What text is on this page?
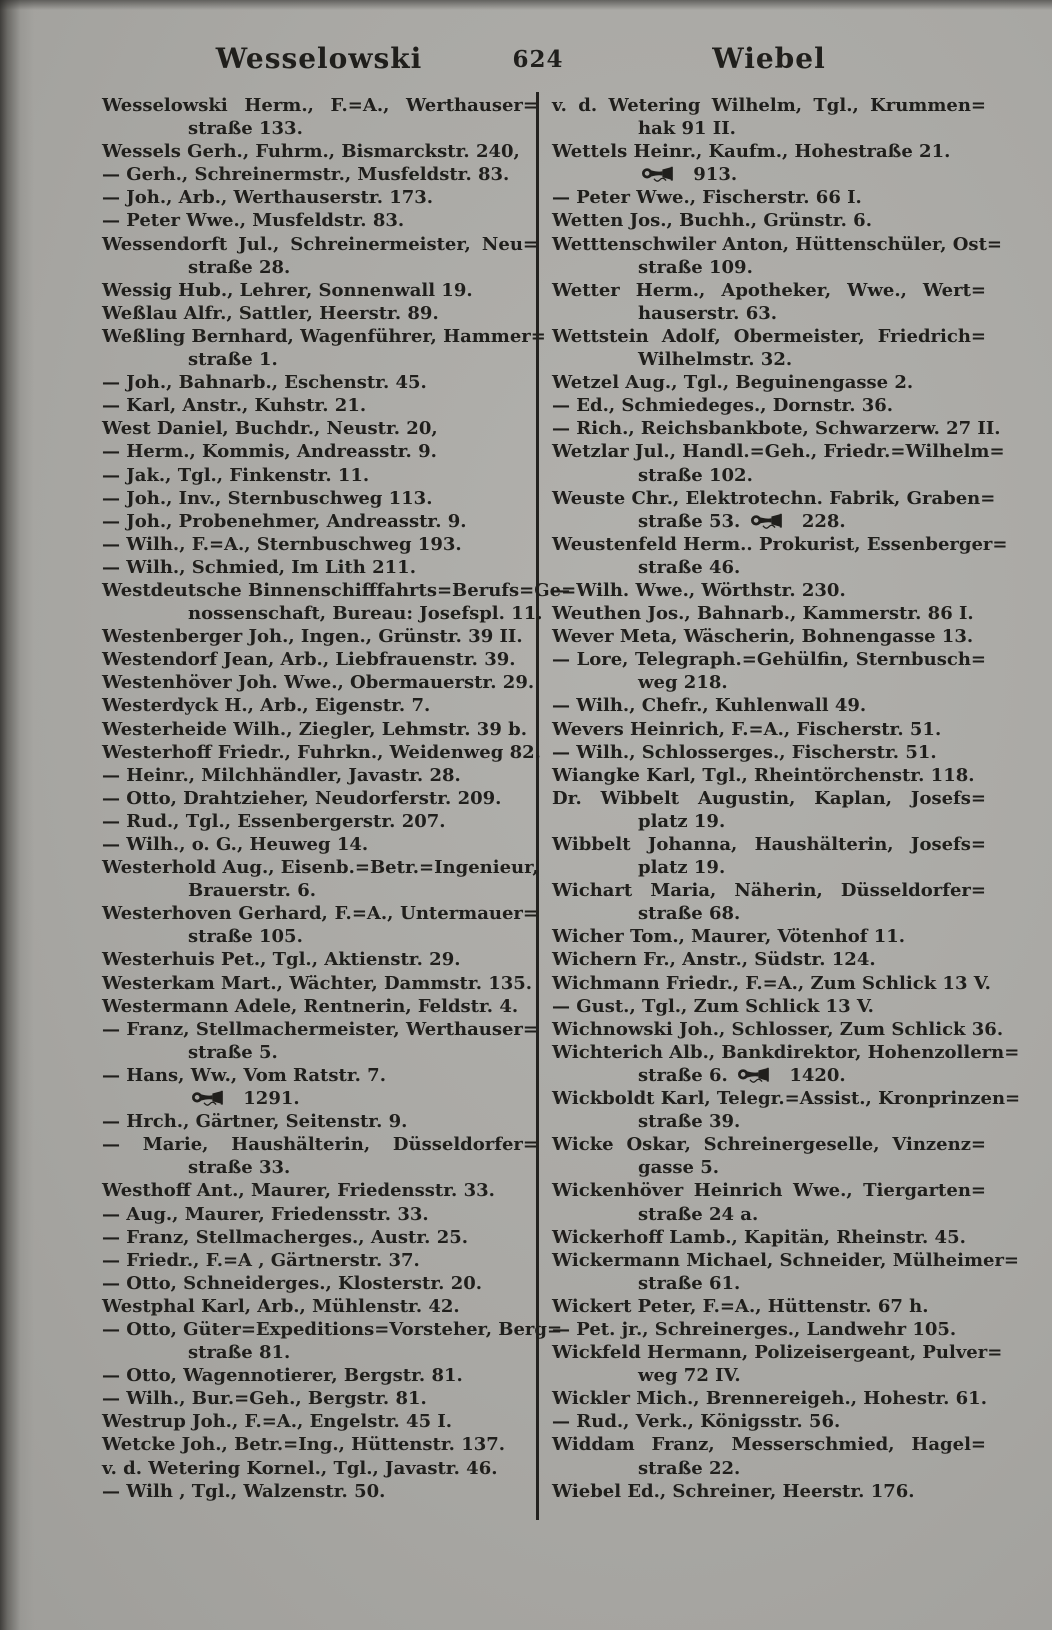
Wesselowski	624	Wiebel
Wesselowski Herm., F.=A., Werthauser=
straße 133.
Wessels Gerh., Fuhrm., Bismarckstr. 240,
— Gerh., Schreinermstr., Musfeldstr. 83.
— Joh., Arb., Werthauserstr. 173.
— Peter Wwe., Musfeldstr. 83.
Wessendorft Jul., Schreinermeister, Neu=
straße 28.
Wessig Hub., Lehrer, Sonnenwall 19.
Weßlau Alfr., Sattler, Heerstr. 89.
Weßling Bernhard, Wagenführer, Hammer=
straße 1.
— Joh., Bahnarb., Eschenstr. 45.
— Karl, Anstr., Kuhstr. 21.
West Daniel, Buchdr., Neustr. 20,
— Herm., Kommis, Andreasstr. 9.
— Jak., Tgl., Finkenstr. 11.
— Joh., Inv., Sternbuschweg 113.
— Joh., Probenehmer, Andreasstr. 9.
— Wilh., F.=A., Sternbuschweg 193.
— Wilh., Schmied, Im Lith 211.
Westdeutsche Binnenschifffahrts=Berufs=Ge=
nossenschaft, Bureau: Josefspl. 11.
Westenberger Joh., Ingen., Grünstr. 39 II.
Westendorf Jean, Arb., Liebfrauenstr. 39.
Westenhöver Joh. Wwe., Obermauerstr. 29.
Westerdyck H., Arb., Eigenstr. 7.
Westerheide Wilh., Ziegler, Lehmstr. 39 b.
Westerhoff Friedr., Fuhrkn., Weidenweg 82.
— Heinr., Milchhändler, Javastr. 28.
— Otto, Drahtzieher, Neudorferstr. 209.
— Rud., Tgl., Essenbergerstr. 207.
— Wilh., o. G., Heuweg 14.
Westerhold Aug., Eisenb.=Betr.=Ingenieur,
Brauerstr. 6.
Westerhoven Gerhard, F.=A., Untermauer=
straße 105.
Westerhuis Pet., Tgl., Aktienstr. 29.
Westerkam Mart., Wächter, Dammstr. 135.
Westermann Adele, Rentnerin, Feldstr. 4.
— Franz, Stellmachermeister, Werthauser=
straße 5.
— Hans, Ww., Vom Ratstr. 7.
1291.
— Hrch., Gärtner, Seitenstr. 9.
— Marie, Haushälterin, Düsseldorfer=
straße 33.
Westhoff Ant., Maurer, Friedensstr. 33.
— Aug., Maurer, Friedensstr. 33.
— Franz, Stellmacherges., Austr. 25.
— Friedr., F.=A , Gärtnerstr. 37.
— Otto, Schneiderges., Klosterstr. 20.
Westphal Karl, Arb., Mühlenstr. 42.
— Otto, Güter=Expeditions=Vorsteher, Berg=
straße 81.
— Otto, Wagennotierer, Bergstr. 81.
— Wilh., Bur.=Geh., Bergstr. 81.
Westrup Joh., F.=A., Engelstr. 45 I.
Wetcke Joh., Betr.=Ing., Hüttenstr. 137.
v. d. Wetering Kornel., Tgl., Javastr. 46.
— Wilh , Tgl., Walzenstr. 50.
v. d. Wetering Wilhelm, Tgl., Krummen=
hak 91 II.
Wettels Heinr., Kaufm., Hohestraße 21.
913.
— Peter Wwe., Fischerstr. 66 I.
Wetten Jos., Buchh., Grünstr. 6.
Wetttenschwiler Anton, Hüttenschüler, Ost=
straße 109.
Wetter Herm., Apotheker, Wwe., Wert=
hauserstr. 63.
Wettstein Adolf, Obermeister, Friedrich=
Wilhelmstr. 32.
Wetzel Aug., Tgl., Beguinengasse 2.
— Ed., Schmiedeges., Dornstr. 36.
— Rich., Reichsbankbote, Schwarzerw. 27 II.
Wetzlar Jul., Handl.=Geh., Friedr.=Wilhelm=
straße 102.
Weuste Chr., Elektrotechn. Fabrik, Graben=
straße 53.	228.
Weustenfeld Herm.. Prokurist, Essenberger=
straße 46.
— Wilh. Wwe., Wörthstr. 230.
Weuthen Jos., Bahnarb., Kammerstr. 86 I.
Wever Meta, Wäscherin, Bohnengasse 13.
— Lore, Telegraph.=Gehülfin, Sternbusch=
weg 218.
— Wilh., Chefr., Kuhlenwall 49.
Wevers Heinrich, F.=A., Fischerstr. 51.
— Wilh., Schlosserges., Fischerstr. 51.
Wiangke Karl, Tgl., Rheintörchenstr. 118.
Dr. Wibbelt Augustin, Kaplan, Josefs=
platz 19.
Wibbelt Johanna, Haushälterin, Josefs=
platz 19.
Wichart Maria, Näherin, Düsseldorfer=
straße 68.
Wicher Tom., Maurer, Vötenhof 11.
Wichern Fr., Anstr., Südstr. 124.
Wichmann Friedr., F.=A., Zum Schlick 13 V.
— Gust., Tgl., Zum Schlick 13 V.
Wichnowski Joh., Schlosser, Zum Schlick 36.
Wichterich Alb., Bankdirektor, Hohenzollern=
straße 6.	1420.
Wickboldt Karl, Telegr.=Assist., Kronprinzen=
straße 39.
Wicke Oskar, Schreinergeselle, Vinzenz=
gasse 5.
Wickenhöver Heinrich Wwe., Tiergarten=
straße 24 a.
Wickerhoff Lamb., Kapitän, Rheinstr. 45.
Wickermann Michael, Schneider, Mülheimer=
straße 61.
Wickert Peter, F.=A., Hüttenstr. 67 h.
— Pet. jr., Schreinerges., Landwehr 105.
Wickfeld Hermann, Polizeisergeant, Pulver=
weg 72 IV.
Wickler Mich., Brennereigeh., Hohestr. 61.
— Rud., Verk., Königsstr. 56.
Widdam Franz, Messerschmied, Hagel=
straße 22.
Wiebel Ed., Schreiner, Heerstr. 176.
